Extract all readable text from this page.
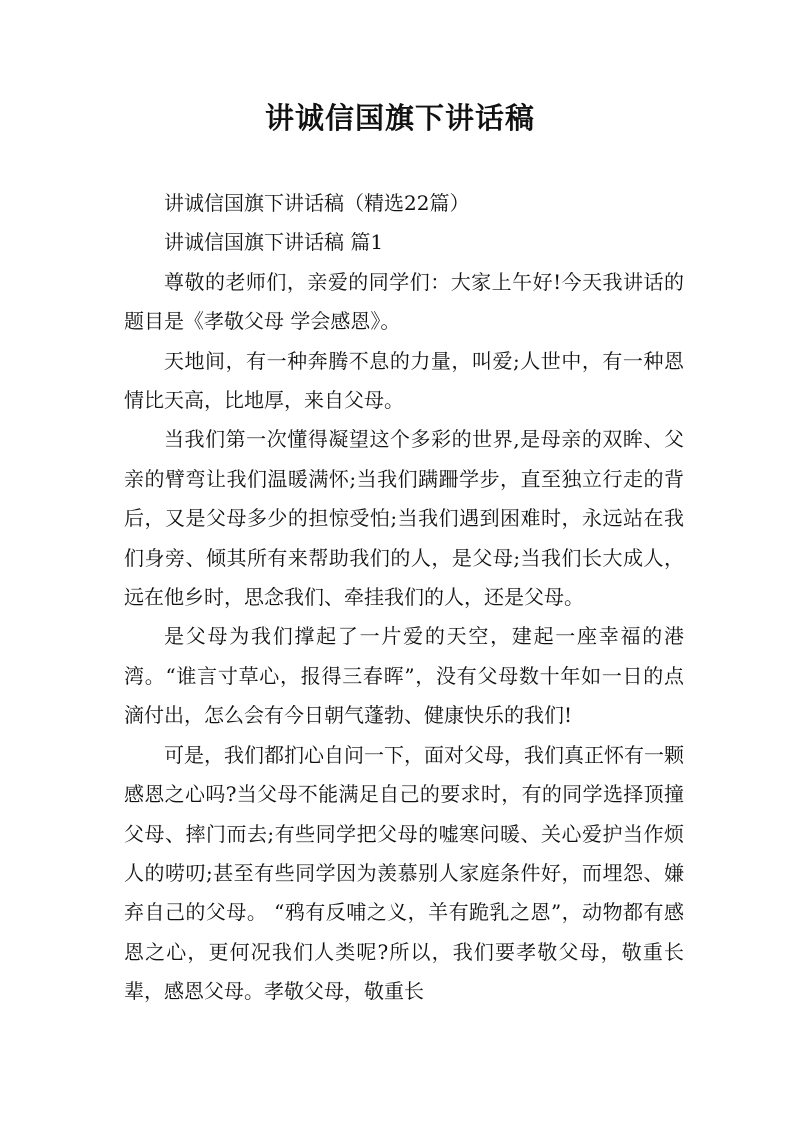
讲诚信国旗下讲话稿

讲诚信国旗下讲话稿（精选22篇）

讲诚信国旗下讲话稿 篇1

尊敬的老师们，亲爱的同学们：大家上午好!今天我讲话的题目是《孝敬父母 学会感恩》。

天地间，有一种奔腾不息的力量，叫爱;人世中，有一种恩情比天高，比地厚，来自父母。

当我们第一次懂得凝望这个多彩的世界,是母亲的双眸、父亲的臂弯让我们温暖满怀;当我们蹒跚学步，直至独立行走的背后，又是父母多少的担惊受怕;当我们遇到困难时，永远站在我们身旁、倾其所有来帮助我们的人，是父母;当我们长大成人，远在他乡时，思念我们、牵挂我们的人，还是父母。

是父母为我们撑起了一片爱的天空，建起一座幸福的港湾。“谁言寸草心，报得三春晖”，没有父母数十年如一日的点滴付出，怎么会有今日朝气蓬勃、健康快乐的我们!

可是，我们都扪心自问一下，面对父母，我们真正怀有一颗感恩之心吗?当父母不能满足自己的要求时，有的同学选择顶撞父母、摔门而去;有些同学把父母的嘘寒问暖、关心爱护当作烦人的唠叨;甚至有些同学因为羡慕别人家庭条件好，而埋怨、嫌弃自己的父母。 “鸦有反哺之义，羊有跪乳之恩”，动物都有感恩之心，更何况我们人类呢?所以，我们要孝敬父母，敬重长辈，感恩父母。孝敬父母，敬重长
